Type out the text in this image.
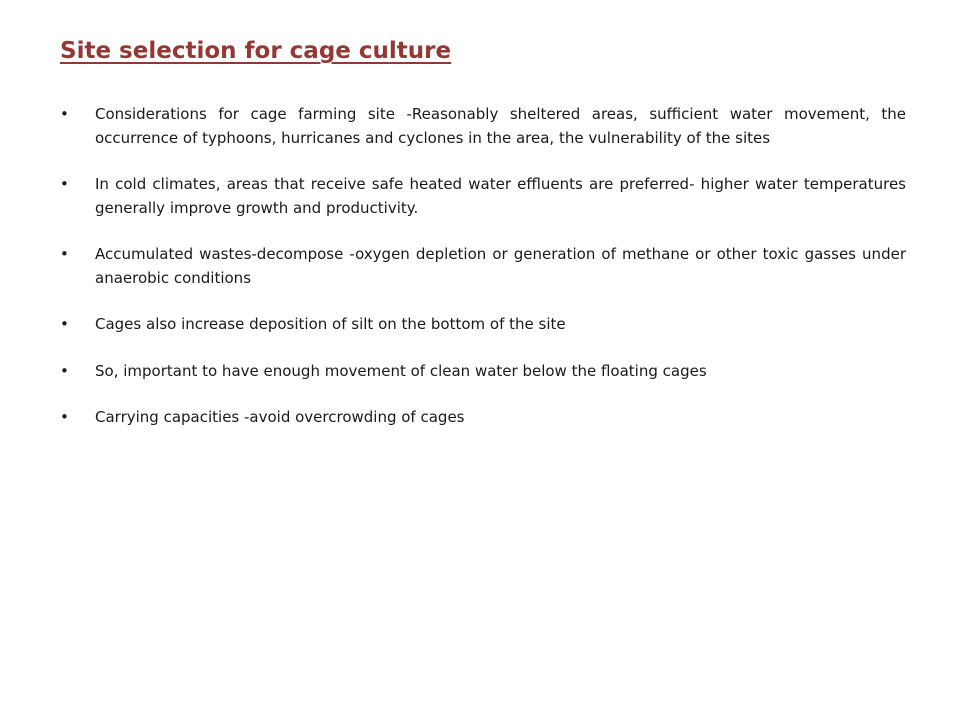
Site selection for cage culture
• Considerations for cage farming site -Reasonably sheltered areas, sufficient water movement, the occurrence of typhoons, hurricanes and cyclones in the area, the vulnerability of the sites
• In cold climates, areas that receive safe heated water effluents are preferred- higher water temperatures generally improve growth and productivity.
• Accumulated wastes-decompose -oxygen depletion or generation of methane or other toxic gasses under anaerobic conditions
• Cages also increase deposition of silt on the bottom of the site
• So, important to have enough movement of clean water below the floating cages
• Carrying capacities -avoid overcrowding of cages
